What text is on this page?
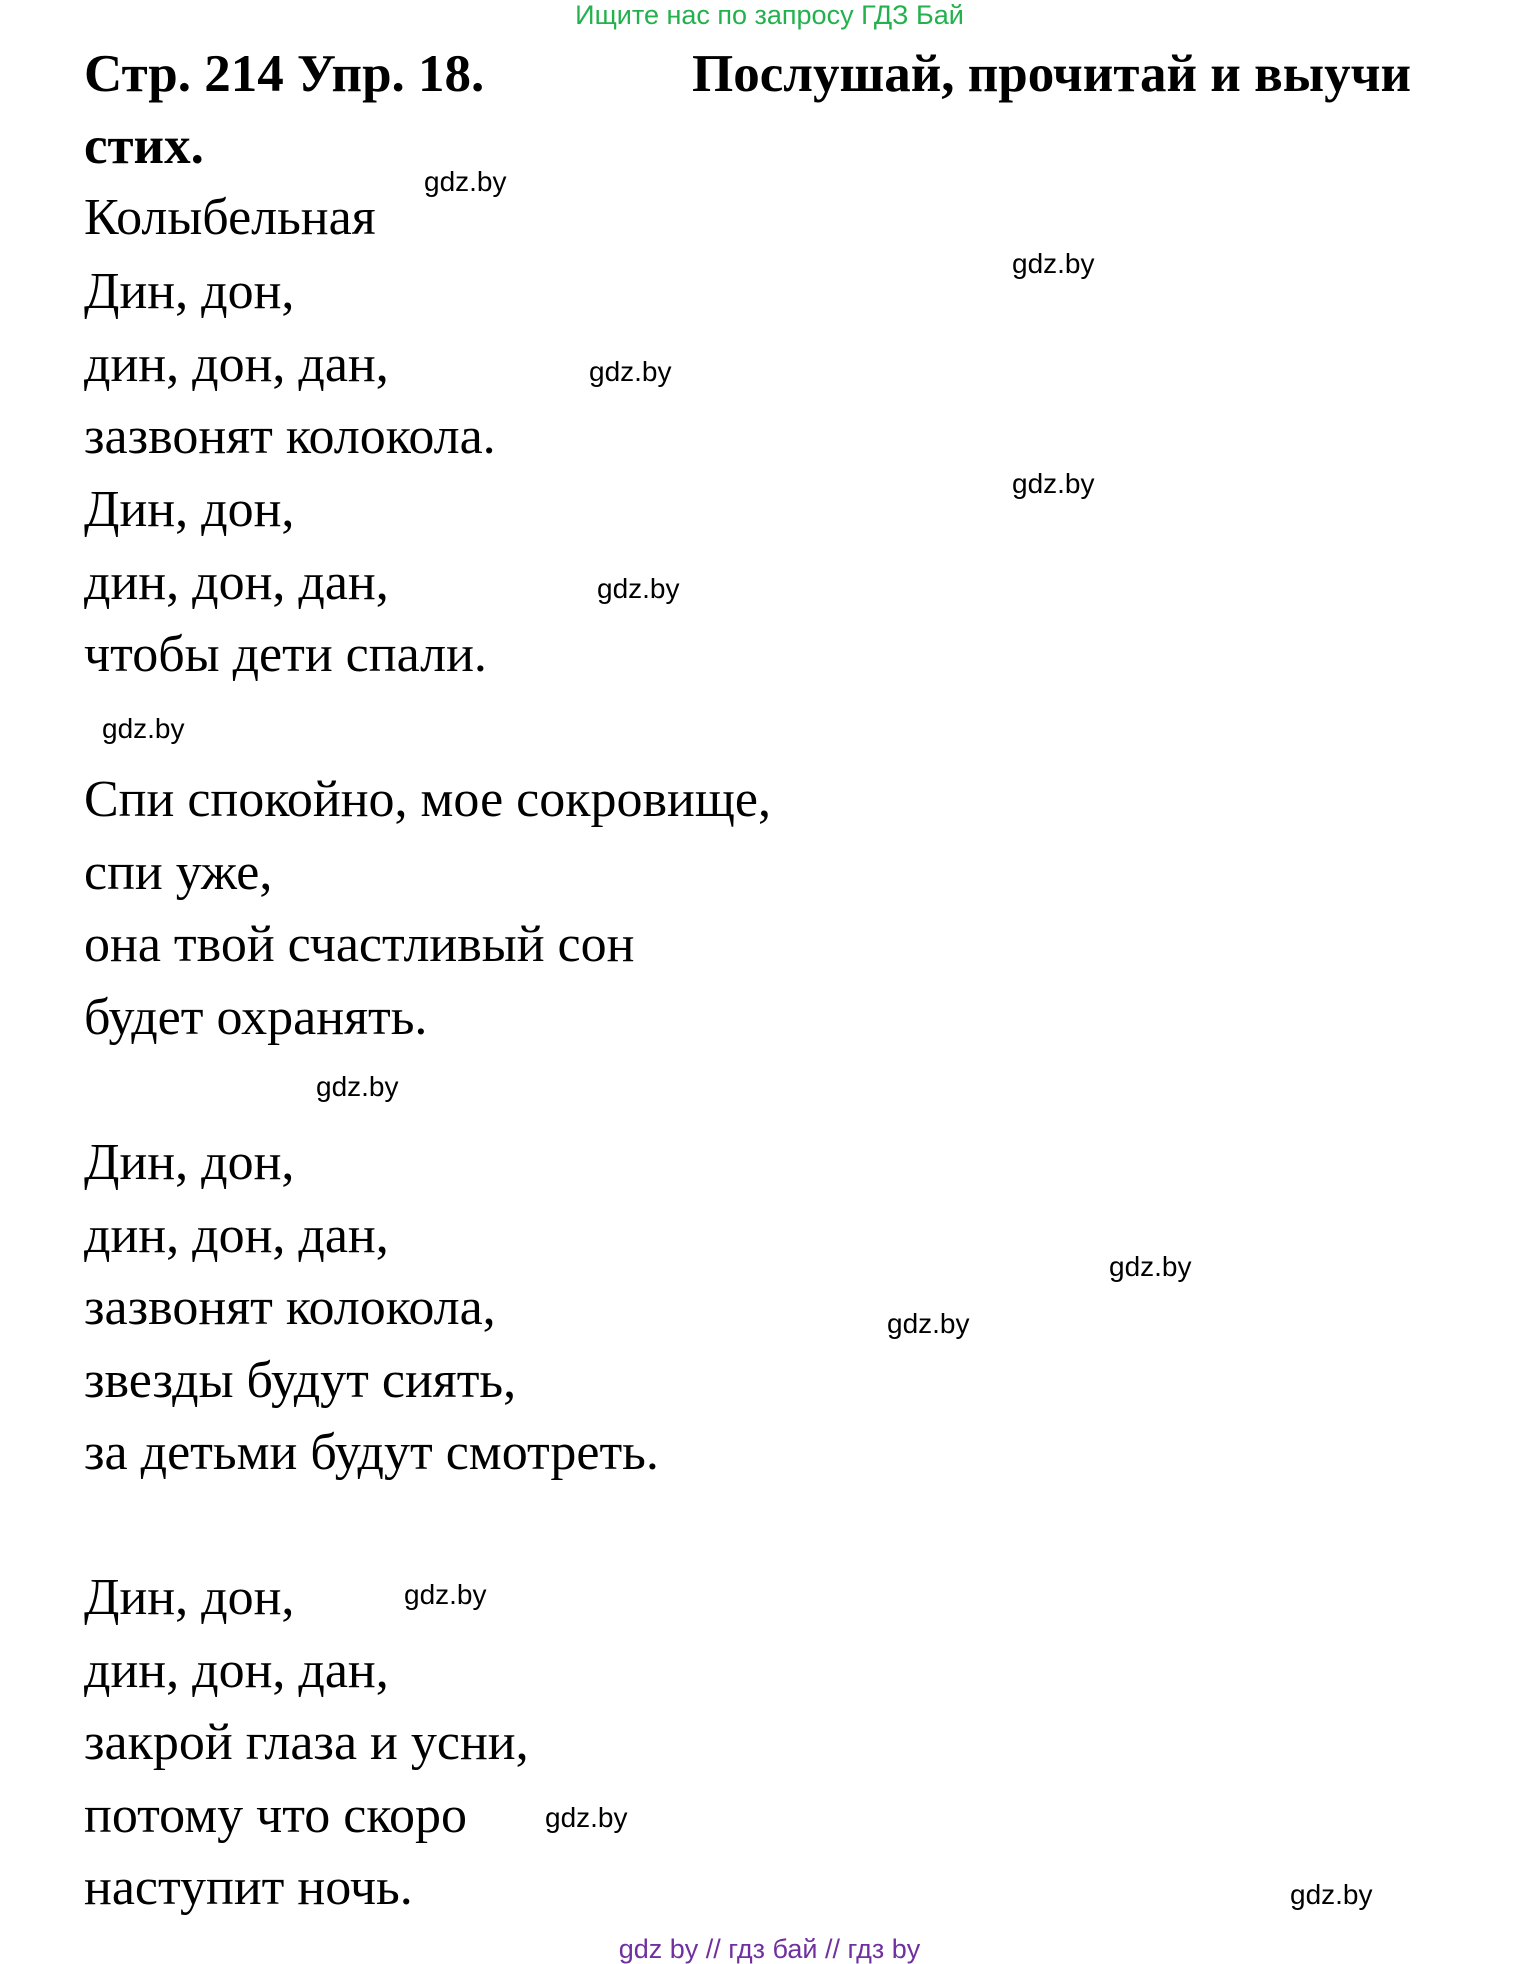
Ищите нас по запросу ГДЗ Бай
Стр. 214 Упр. 18.	Послушай, прочитай и выучи
стих.
Колыбельная
Дин, дон,
дин, дон, дан,
зазвонят колокола.
Дин, дон,
дин, дон, дан,
чтобы дети спали.
Спи спокойно, мое сокровище,
спи уже,
она твой счастливый сон
будет охранять.
Дин, дон,
дин, дон, дан,
зазвонят колокола,
звезды будут сиять,
за детьми будут смотреть.
Дин, дон,
дин, дон, дан,
закрой глаза и усни,
потому что скоро
наступит ночь.
gdz.by
gdz.by
gdz.by
gdz.by
gdz.by
gdz.by
gdz.by
gdz.by
gdz.by
gdz.by
gdz.by
gdz.by
gdz by // гдз бай // гдз by
